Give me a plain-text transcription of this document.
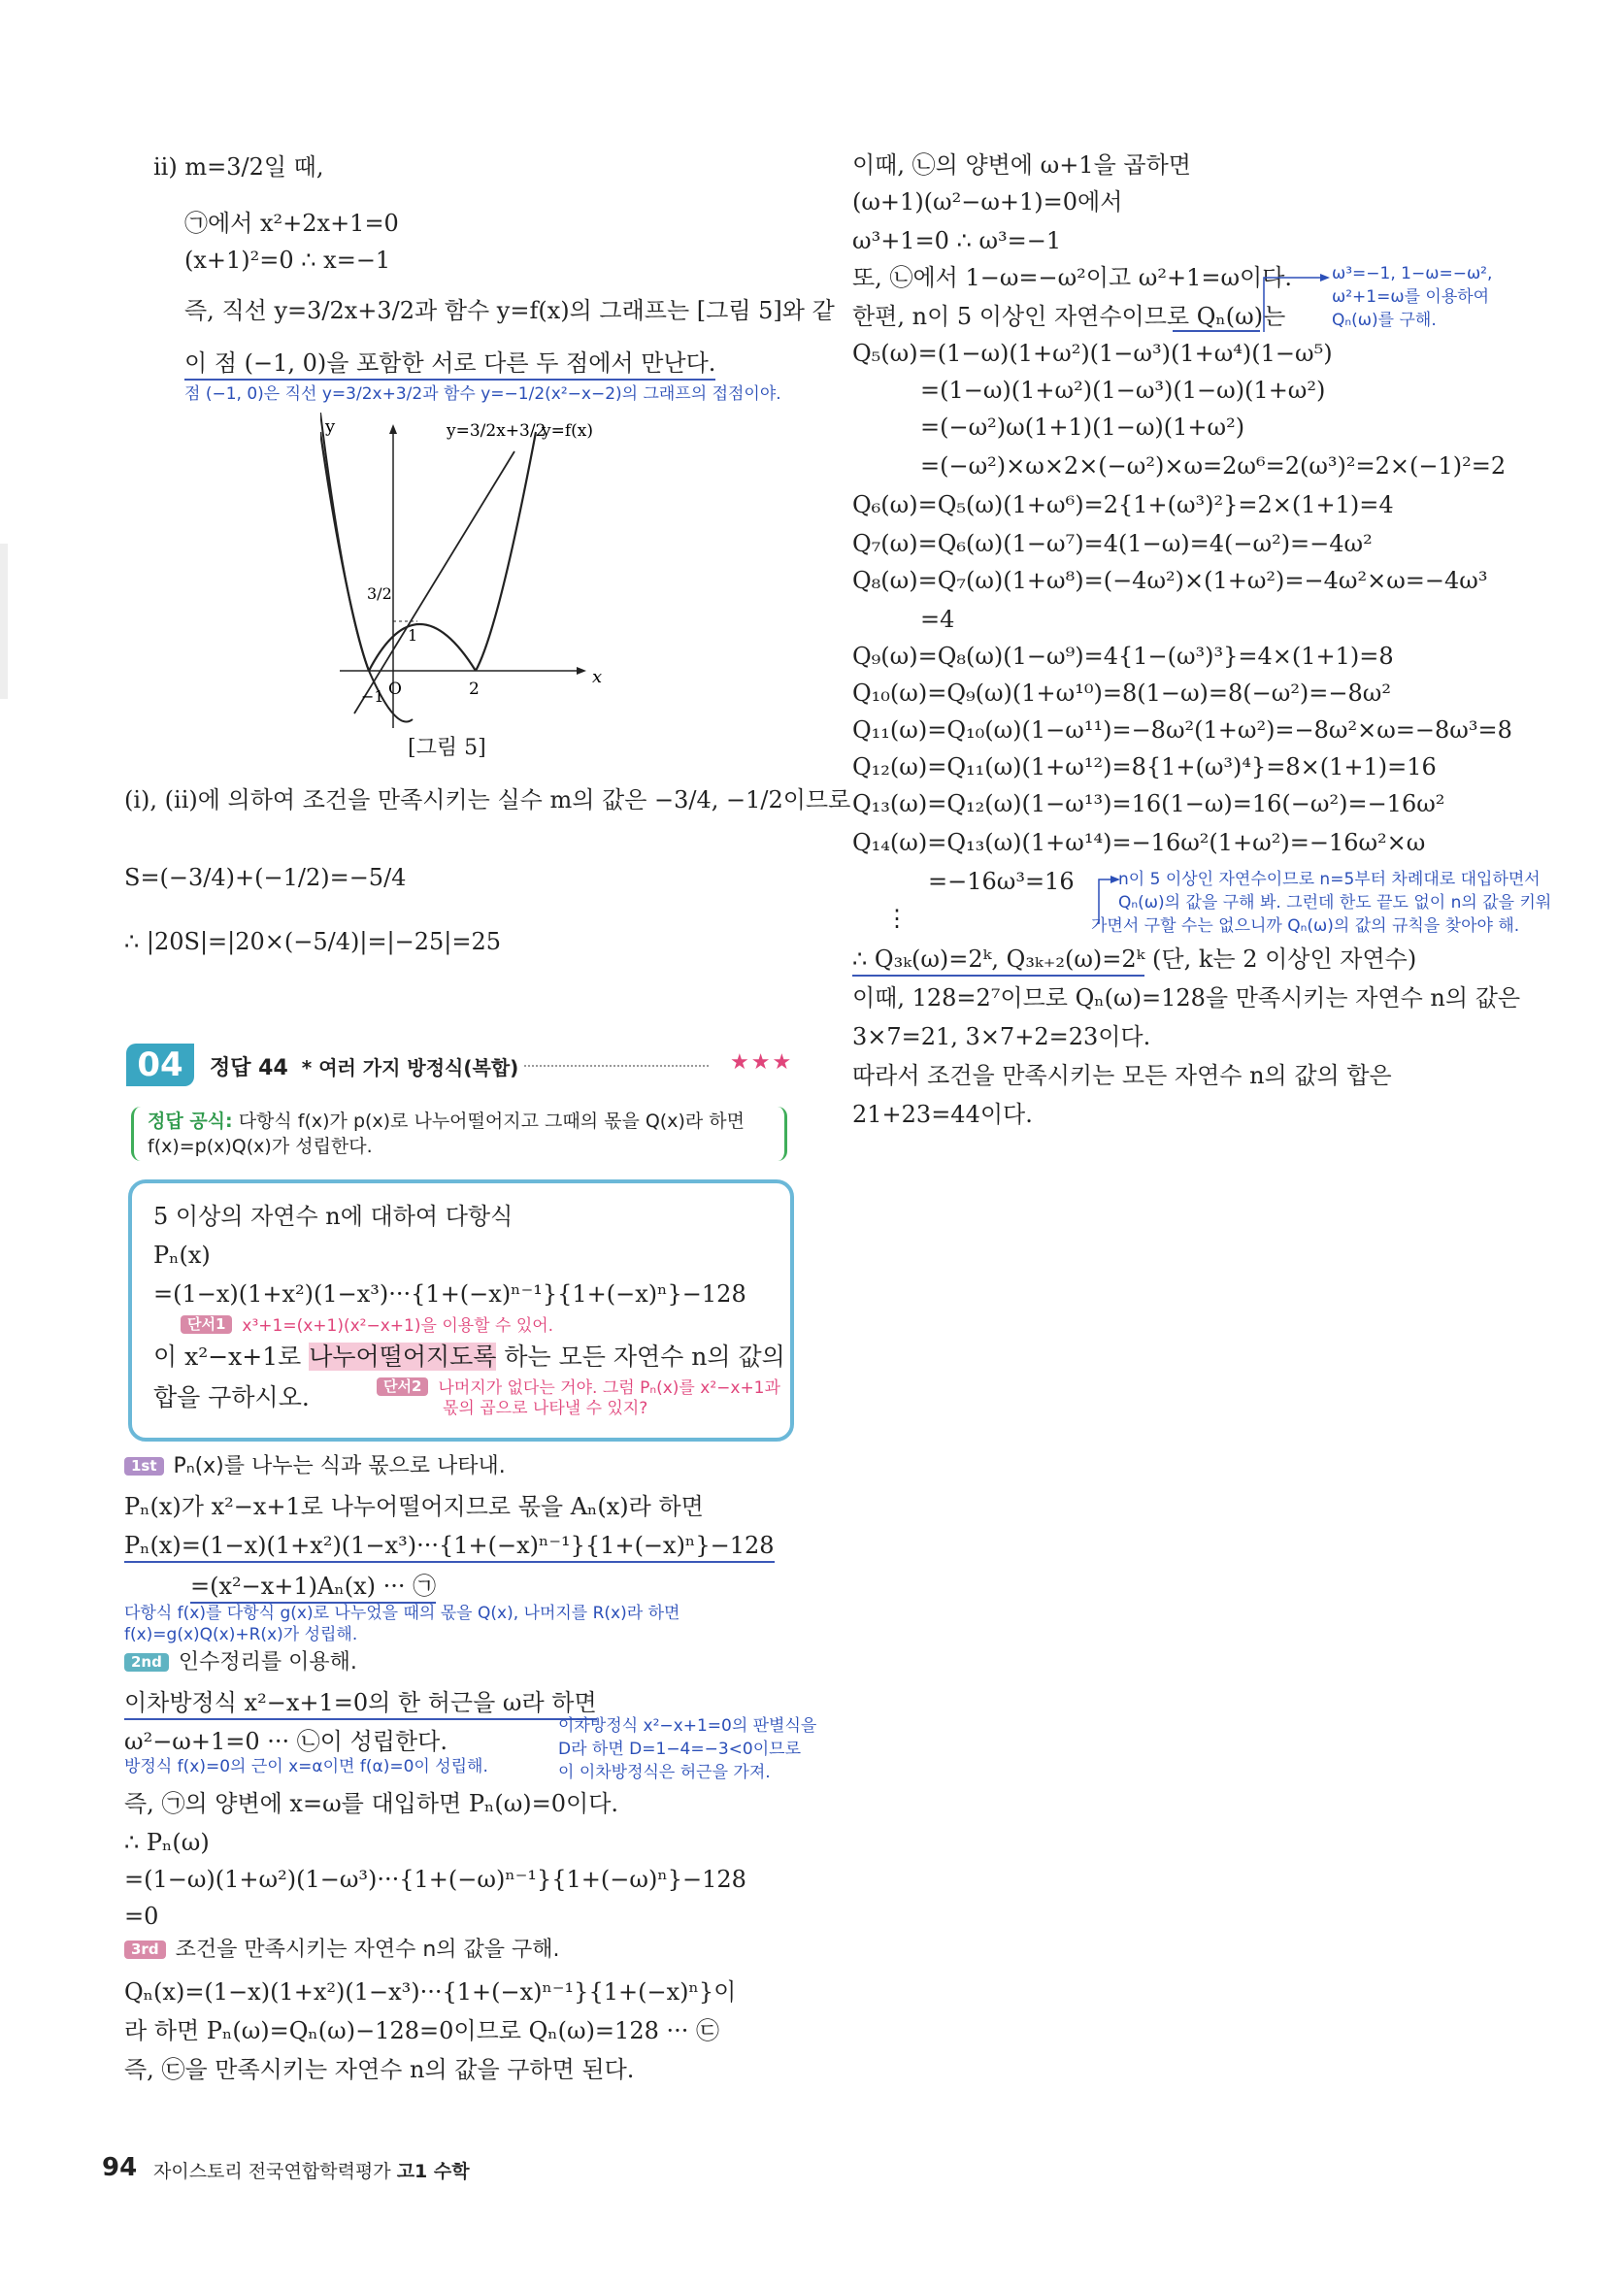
ii) m=3/2일 때,
㉠에서 x²+2x+1=0
(x+1)²=0 ∴ x=−1
즉, 직선 y=3/2x+3/2과 함수 y=f(x)의 그래프는 [그림 5]와 같
이 점 (−1, 0)을 포함한 서로 다른 두 점에서 만난다.
점 (−1, 0)은 직선 y=3/2x+3/2과 함수 y=−1/2(x²−x−2)의 그래프의 접점이야.
y
x
y=3/2x+3/2
y=f(x)
3/2
1
O	2
−1
[그림 5]
(i), (ii)에 의하여 조건을 만족시키는 실수 m의 값은 −3/4, −1/2이므로
S=(−3/4)+(−1/2)=−5/4
∴ |20S|=|20×(−5/4)|=|−25|=25
04	정답 44 * 여러 가지 방정식(복합)	★★★
정답 공식: 다항식 f(x)가 p(x)로 나누어떨어지고 그때의 몫을 Q(x)라 하면
f(x)=p(x)Q(x)가 성립한다.
5 이상의 자연수 n에 대하여 다항식
Pₙ(x)
=(1−x)(1+x²)(1−x³)···{1+(−x)ⁿ⁻¹}{1+(−x)ⁿ}−128
단서1 x³+1=(x+1)(x²−x+1)을 이용할 수 있어.
이 x²−x+1로 나누어떨어지도록 하는 모든 자연수 n의 값의
합을 구하시오.	단서2 나머지가 없다는 거야. 그럼 Pₙ(x)를 x²−x+1과
몫의 곱으로 나타낼 수 있지?
1st Pₙ(x)를 나누는 식과 몫으로 나타내.
Pₙ(x)가 x²−x+1로 나누어떨어지므로 몫을 Aₙ(x)라 하면
Pₙ(x)=(1−x)(1+x²)(1−x³)···{1+(−x)ⁿ⁻¹}{1+(−x)ⁿ}−128
=(x²−x+1)Aₙ(x) ··· ㉠
다항식 f(x)를 다항식 g(x)로 나누었을 때의 몫을 Q(x), 나머지를 R(x)라 하면
f(x)=g(x)Q(x)+R(x)가 성립해.
2nd 인수정리를 이용해.
이차방정식 x²−x+1=0의 한 허근을 ω라 하면
ω²−ω+1=0 ··· ㉡이 성립한다.
방정식 f(x)=0의 근이 x=α이면 f(α)=0이 성립해.
이차방정식 x²−x+1=0의 판별식을
D라 하면 D=1−4=−3<0이므로
이 이차방정식은 허근을 가져.
즉, ㉠의 양변에 x=ω를 대입하면 Pₙ(ω)=0이다.
∴ Pₙ(ω)
=(1−ω)(1+ω²)(1−ω³)···{1+(−ω)ⁿ⁻¹}{1+(−ω)ⁿ}−128
=0
3rd 조건을 만족시키는 자연수 n의 값을 구해.
Qₙ(x)=(1−x)(1+x²)(1−x³)···{1+(−x)ⁿ⁻¹}{1+(−x)ⁿ}이
라 하면 Pₙ(ω)=Qₙ(ω)−128=0이므로 Qₙ(ω)=128 ··· ㉢
즉, ㉢을 만족시키는 자연수 n의 값을 구하면 된다.
이때, ㉡의 양변에 ω+1을 곱하면
(ω+1)(ω²−ω+1)=0에서
ω³+1=0 ∴ ω³=−1
또, ㉡에서 1−ω=−ω²이고 ω²+1=ω이다.
한편, n이 5 이상인 자연수이므로 Qₙ(ω)는
ω³=−1, 1−ω=−ω²,
ω²+1=ω를 이용하여
Qₙ(ω)를 구해.
Q₅(ω)=(1−ω)(1+ω²)(1−ω³)(1+ω⁴)(1−ω⁵)
=(1−ω)(1+ω²)(1−ω³)(1−ω)(1+ω²)
=(−ω²)ω(1+1)(1−ω)(1+ω²)
=(−ω²)×ω×2×(−ω²)×ω=2ω⁶=2(ω³)²=2×(−1)²=2
Q₆(ω)=Q₅(ω)(1+ω⁶)=2{1+(ω³)²}=2×(1+1)=4
Q₇(ω)=Q₆(ω)(1−ω⁷)=4(1−ω)=4(−ω²)=−4ω²
Q₈(ω)=Q₇(ω)(1+ω⁸)=(−4ω²)×(1+ω²)=−4ω²×ω=−4ω³
=4
Q₉(ω)=Q₈(ω)(1−ω⁹)=4{1−(ω³)³}=4×(1+1)=8
Q₁₀(ω)=Q₉(ω)(1+ω¹⁰)=8(1−ω)=8(−ω²)=−8ω²
Q₁₁(ω)=Q₁₀(ω)(1−ω¹¹)=−8ω²(1+ω²)=−8ω²×ω=−8ω³=8
Q₁₂(ω)=Q₁₁(ω)(1+ω¹²)=8{1+(ω³)⁴}=8×(1+1)=16
Q₁₃(ω)=Q₁₂(ω)(1−ω¹³)=16(1−ω)=16(−ω²)=−16ω²
Q₁₄(ω)=Q₁₃(ω)(1+ω¹⁴)=−16ω²(1+ω²)=−16ω²×ω
=−16ω³=16	n이 5 이상인 자연수이므로 n=5부터 차례대로 대입하면서
Qₙ(ω)의 값을 구해 봐. 그런데 한도 끝도 없이 n의 값을 키워
가면서 구할 수는 없으니까 Qₙ(ω)의 값의 규칙을 찾아야 해.
⋮
∴ Q₃ₖ(ω)=2ᵏ, Q₃ₖ₊₂(ω)=2ᵏ (단, k는 2 이상인 자연수)
이때, 128=2⁷이므로 Qₙ(ω)=128을 만족시키는 자연수 n의 값은
3×7=21, 3×7+2=23이다.
따라서 조건을 만족시키는 모든 자연수 n의 값의 합은
21+23=44이다.
94 자이스토리 전국연합학력평가 고1 수학
